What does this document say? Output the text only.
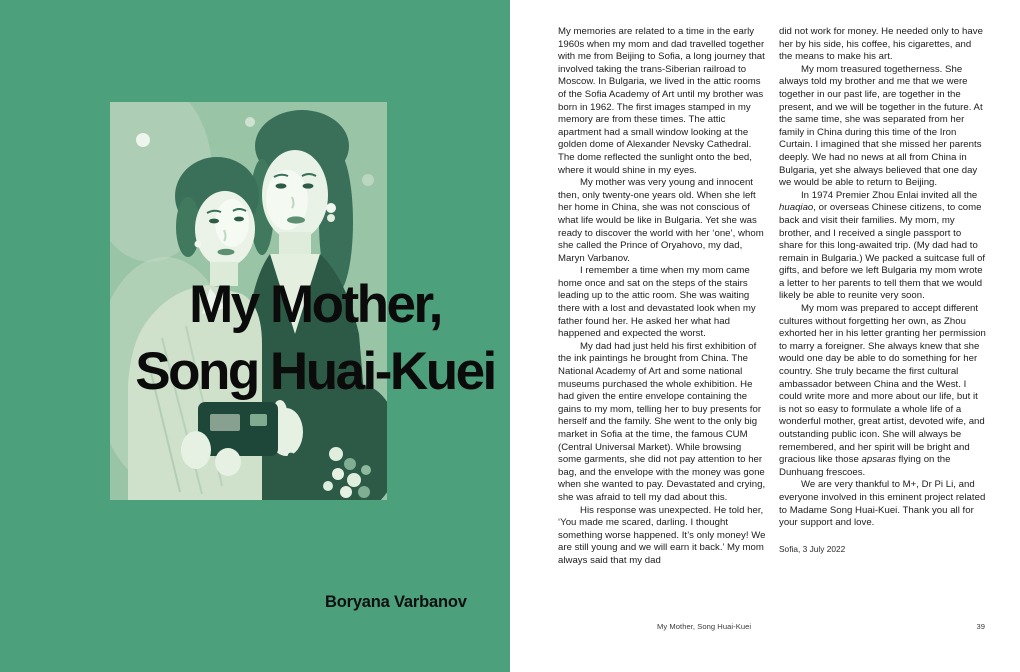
My Mother,
Song Huai-Kuei
Boryana Varbanov

My memories are related to a time in the early 1960s when my mom and dad travelled together with me from Beijing to Sofia, a long journey that involved taking the trans-Siberian railroad to Moscow. In Bulgaria, we lived in the attic rooms of the Sofia Academy of Art until my brother was born in 1962. The first images stamped in my memory are from these times. The attic apartment had a small window looking at the golden dome of Alexander Nevsky Cathedral. The dome reflected the sunlight onto the bed, where it would shine in my eyes.

My mother was very young and innocent then, only twenty-one years old. When she left her home in China, she was not conscious of what life would be like in Bulgaria. Yet she was ready to discover the world with her ‘one’, whom she called the Prince of Oryahovo, my dad, Maryn Varbanov.

I remember a time when my mom came home once and sat on the steps of the stairs leading up to the attic room. She was waiting there with a lost and devastated look when my father found her. He asked her what had happened and expected the worst.

My dad had just held his first exhibition of the ink paintings he brought from China. The National Academy of Art and some national museums purchased the whole exhibition. He had given the entire envelope containing the gains to my mom, telling her to buy presents for herself and the family. She went to the only big market in Sofia at the time, the famous CUM (Central Universal Market). While browsing some garments, she did not pay attention to her bag, and the envelope with the money was gone when she wanted to pay. Devastated and crying, she was afraid to tell my dad about this.

His response was unexpected. He told her, ‘You made me scared, darling. I thought something worse happened. It’s only money! We are still young and we will earn it back.’ My mom always said that my dad

did not work for money. He needed only to have her by his side, his coffee, his cigarettes, and the means to make his art.

My mom treasured togetherness. She always told my brother and me that we were together in our past life, are together in the present, and we will be together in the future. At the same time, she was separated from her family in China during this time of the Iron Curtain. I imagined that she missed her parents deeply. We had no news at all from China in Bulgaria, yet she always believed that one day we would be able to return to Beijing.

In 1974 Premier Zhou Enlai invited all the huaqiao, or overseas Chinese citizens, to come back and visit their families. My mom, my brother, and I received a single passport to share for this long-awaited trip. (My dad had to remain in Bulgaria.) We packed a suitcase full of gifts, and before we left Bulgaria my mom wrote a letter to her parents to tell them that we would likely be able to reunite very soon.

My mom was prepared to accept different cultures without forgetting her own, as Zhou exhorted her in his letter granting her permission to marry a foreigner. She always knew that she would one day be able to do something for her country. She truly became the first cultural ambassador between China and the West. I could write more and more about our life, but it is not so easy to formulate a whole life of a wonderful mother, great artist, devoted wife, and outstanding public icon. She will always be remembered, and her spirit will be bright and gracious like those apsaras flying on the Dunhuang frescoes.

We are very thankful to M+, Dr Pi Li, and everyone involved in this eminent project related to Madame Song Huai-Kuei. Thank you all for your support and love.

Sofia, 3 July 2022
My Mother, Song Huai-Kuei	39
